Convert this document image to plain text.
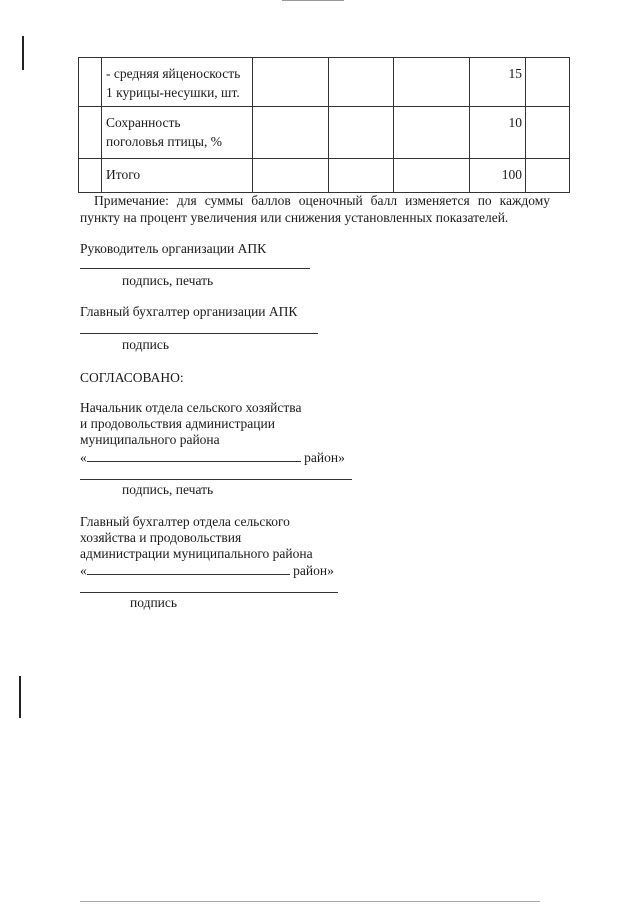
	- средняя яйценоскость
1 курицы-несушки, шт.				15	

	Сохранность
поголовья птицы, %				10	

	Итого				100	
Примечание: для суммы баллов оценочный балл изменяется по каждому пункту на процент увеличения или снижения установленных показателей.
Руководитель организации АПК
подпись, печать
Главный бухгалтер организации АПК
подпись
СОГЛАСОВАНО:
Начальник отдела сельского хозяйства
и продовольствия администрации
муниципального района
«	район»
подпись, печать
Главный бухгалтер отдела сельского
хозяйства и продовольствия
администрации муниципального района
«	район»
подпись
